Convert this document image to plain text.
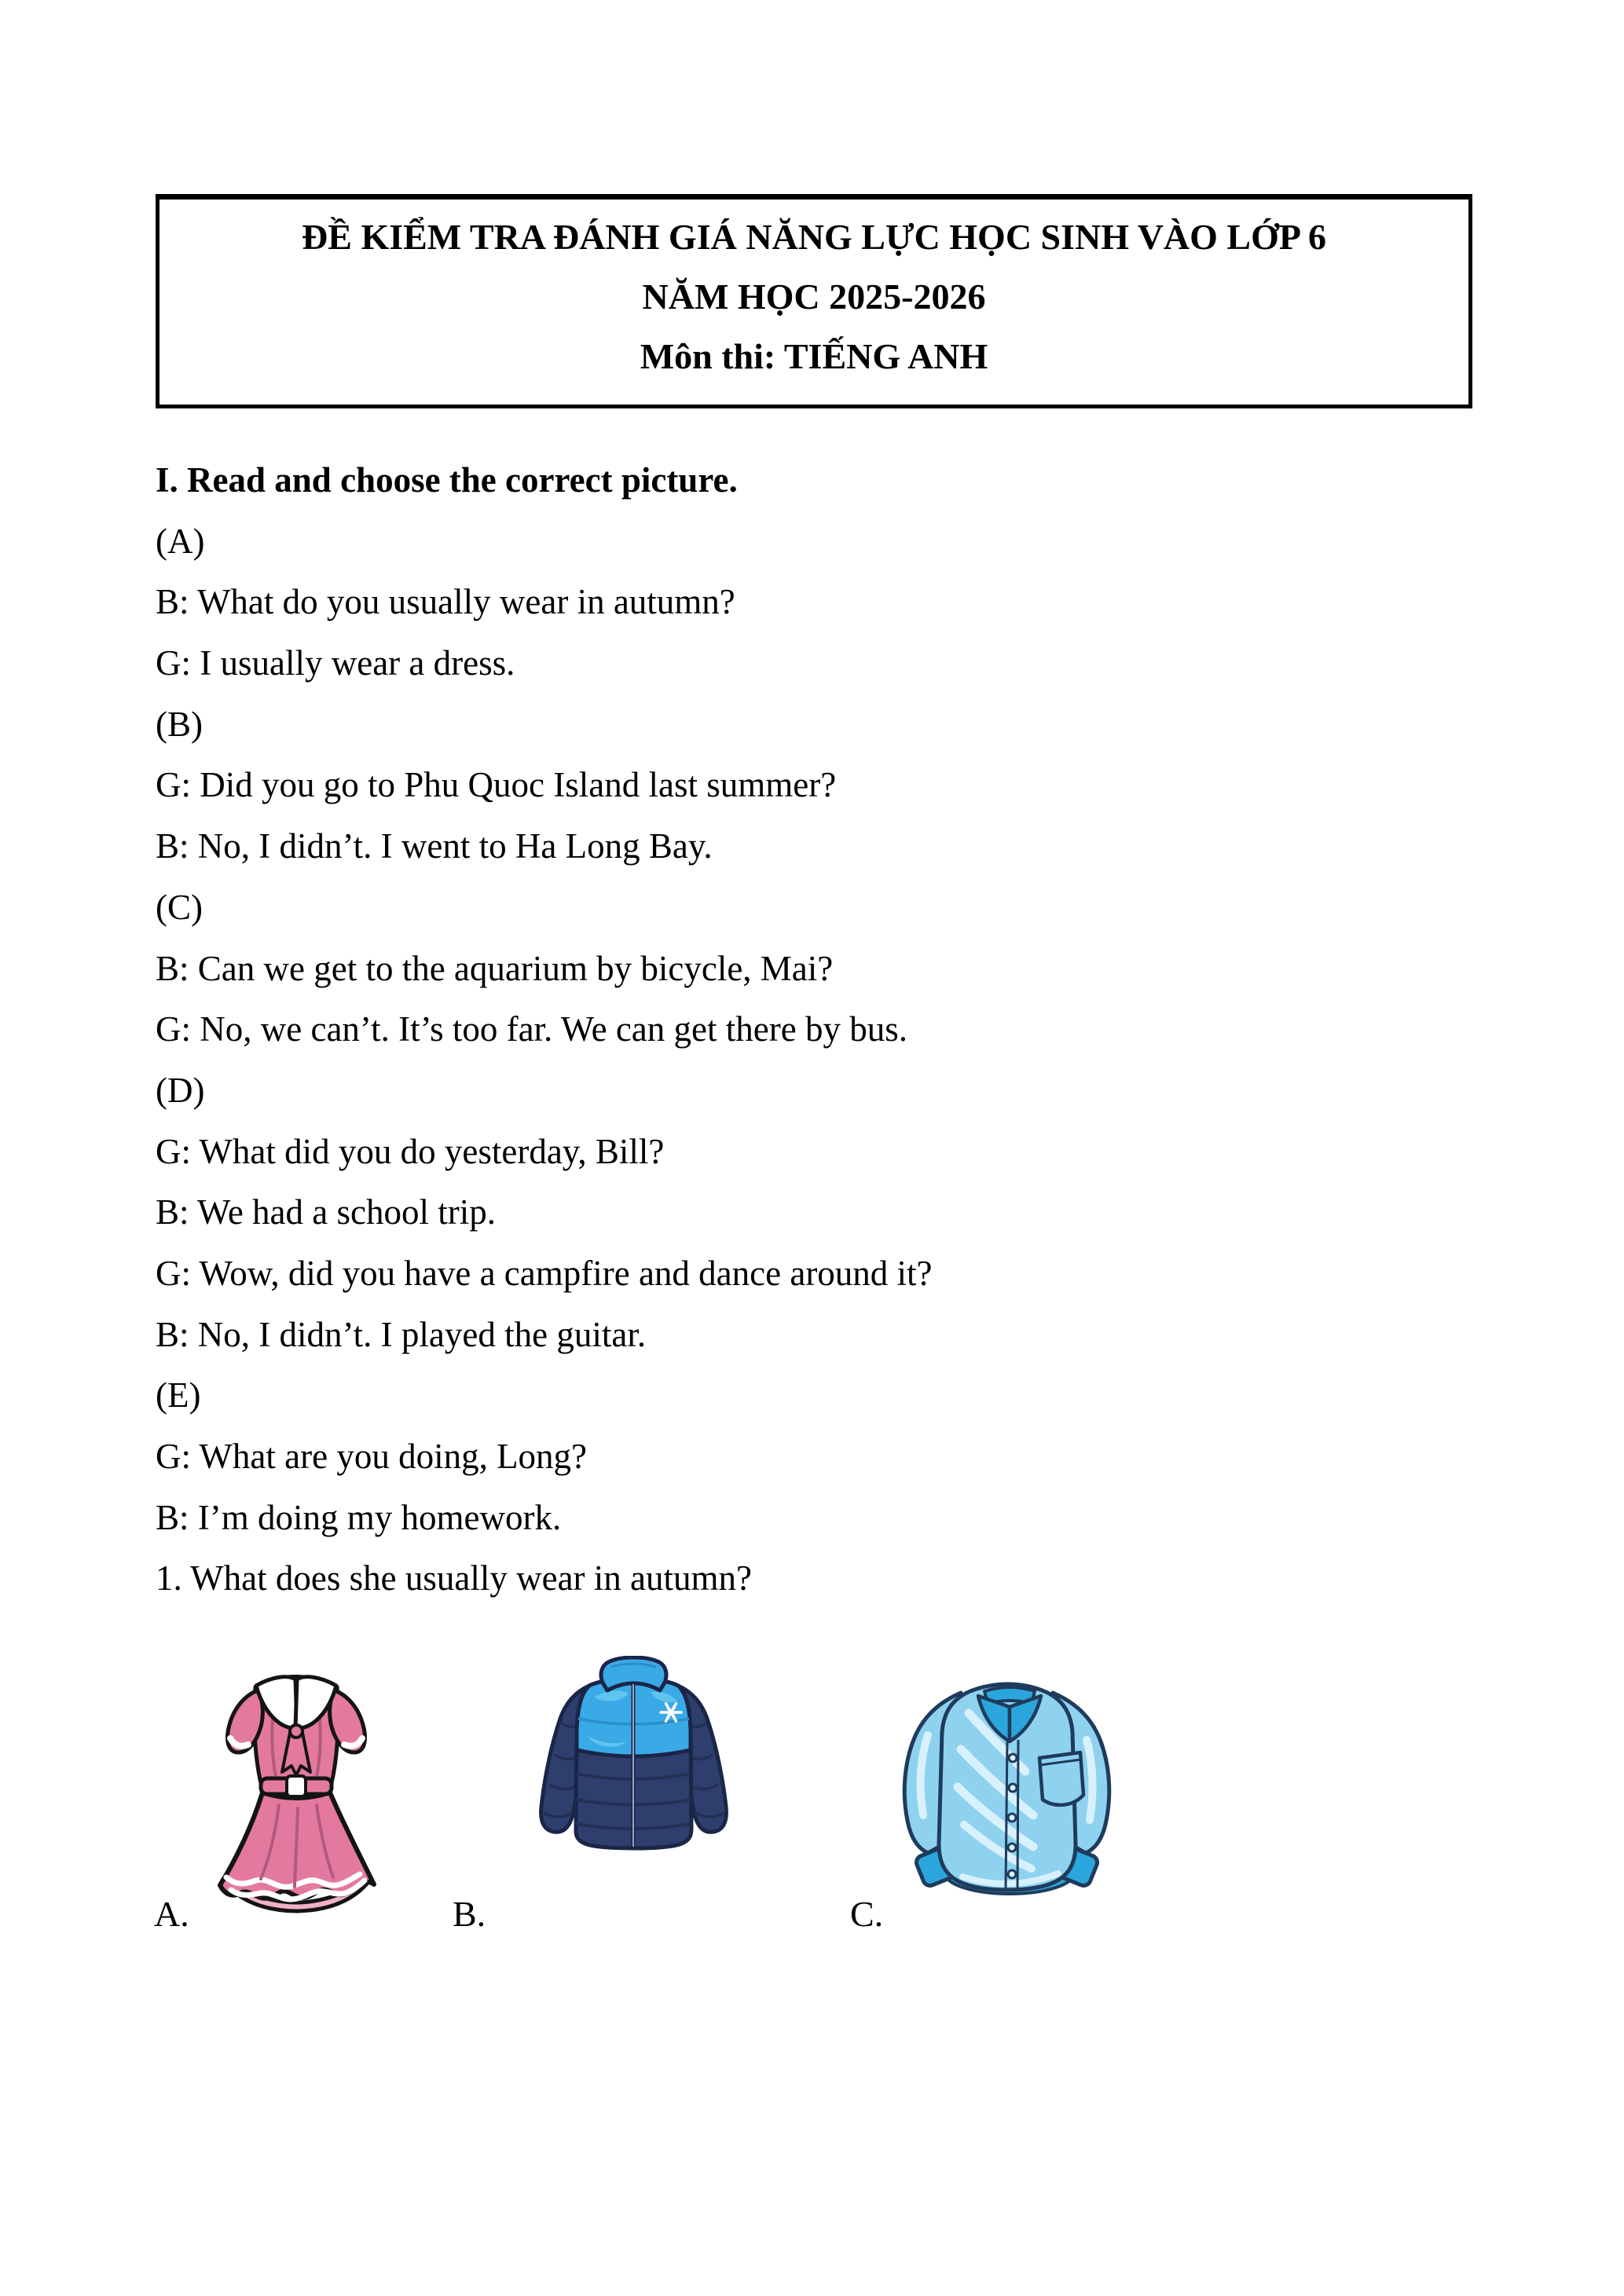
ĐỀ KIỂM TRA ĐÁNH GIÁ NĂNG LỰC HỌC SINH VÀO LỚP 6
NĂM HỌC 2025-2026
Môn thi: TIẾNG ANH
I. Read and choose the correct picture.
(A)
B: What do you usually wear in autumn?
G: I usually wear a dress.
(B)
G: Did you go to Phu Quoc Island last summer?
B: No, I didn’t. I went to Ha Long Bay.
(C)
B: Can we get to the aquarium by bicycle, Mai?
G: No, we can’t. It’s too far. We can get there by bus.
(D)
G: What did you do yesterday, Bill?
B: We had a school trip.
G: Wow, did you have a campfire and dance around it?
B: No, I didn’t. I played the guitar.
(E)
G: What are you doing, Long?
B: I’m doing my homework.
1. What does she usually wear in autumn?
A.	B.	C.
